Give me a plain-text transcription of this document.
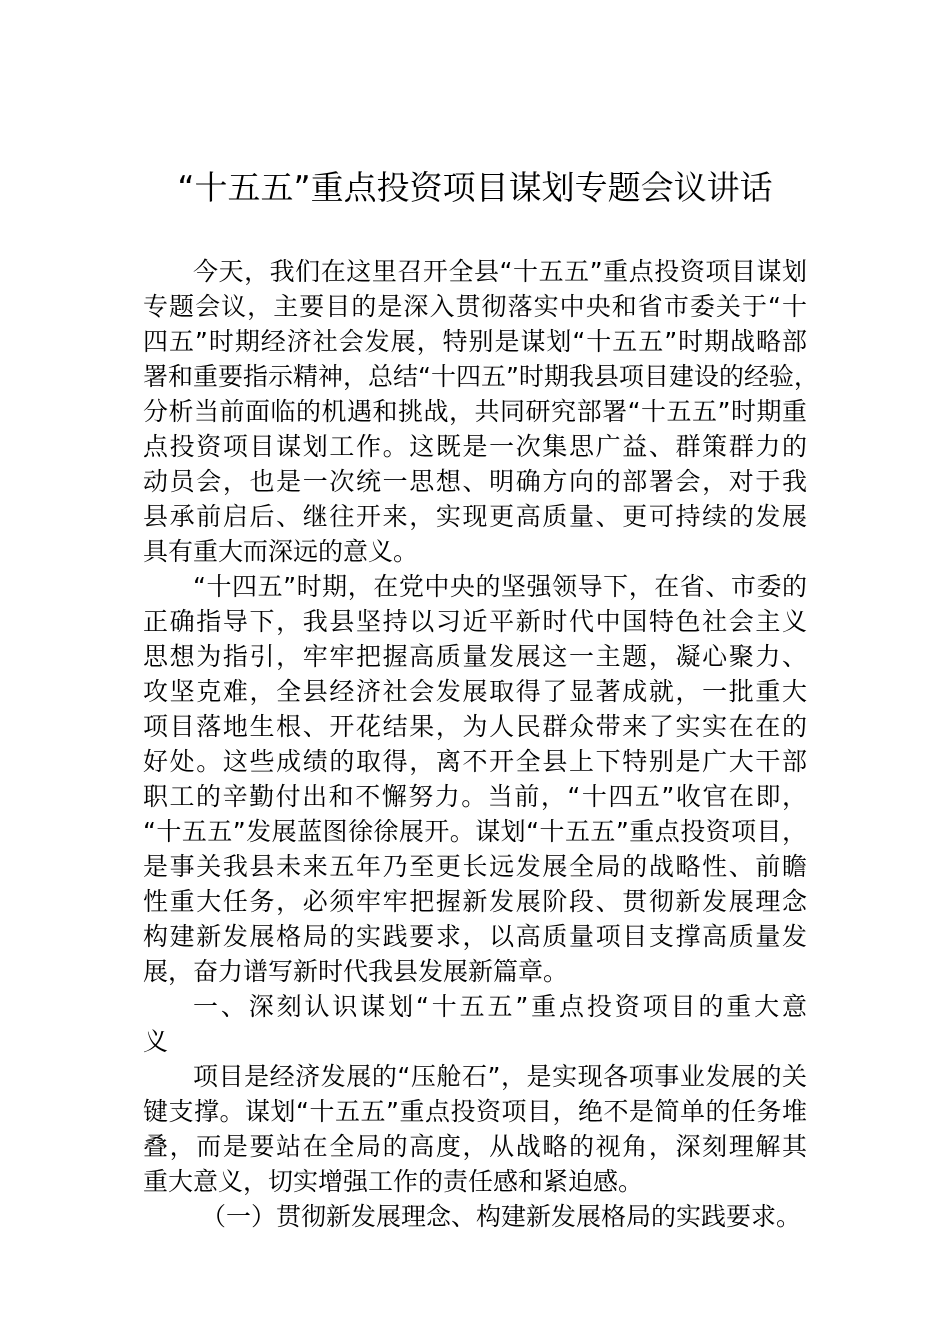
“十五五”重点投资项目谋划专题会议讲话
今天，我们在这里召开全县“十五五”重点投资项目谋划
专题会议，主要目的是深入贯彻落实中央和省市委关于“十
四五”时期经济社会发展，特别是谋划“十五五”时期战略部
署和重要指示精神，总结“十四五”时期我县项目建设的经验，
分析当前面临的机遇和挑战，共同研究部署“十五五”时期重
点投资项目谋划工作。这既是一次集思广益、群策群力的
动员会，也是一次统一思想、明确方向的部署会，对于我
县承前启后、继往开来，实现更高质量、更可持续的发展
具有重大而深远的意义。
“十四五”时期，在党中央的坚强领导下，在省、市委的
正确指导下，我县坚持以习近平新时代中国特色社会主义
思想为指引，牢牢把握高质量发展这一主题，凝心聚力、
攻坚克难，全县经济社会发展取得了显著成就，一批重大
项目落地生根、开花结果，为人民群众带来了实实在在的
好处。这些成绩的取得，离不开全县上下特别是广大干部
职工的辛勤付出和不懈努力。当前，“十四五”收官在即，
“十五五”发展蓝图徐徐展开。谋划“十五五”重点投资项目，
是事关我县未来五年乃至更长远发展全局的战略性、前瞻
性重大任务，必须牢牢把握新发展阶段、贯彻新发展理念
构建新发展格局的实践要求，以高质量项目支撑高质量发
展，奋力谱写新时代我县发展新篇章。
一、深刻认识谋划“十五五”重点投资项目的重大意
义
项目是经济发展的“压舱石”，是实现各项事业发展的关
键支撑。谋划“十五五”重点投资项目，绝不是简单的任务堆
叠，而是要站在全局的高度，从战略的视角，深刻理解其
重大意义，切实增强工作的责任感和紧迫感。
（一）贯彻新发展理念、构建新发展格局的实践要求。
